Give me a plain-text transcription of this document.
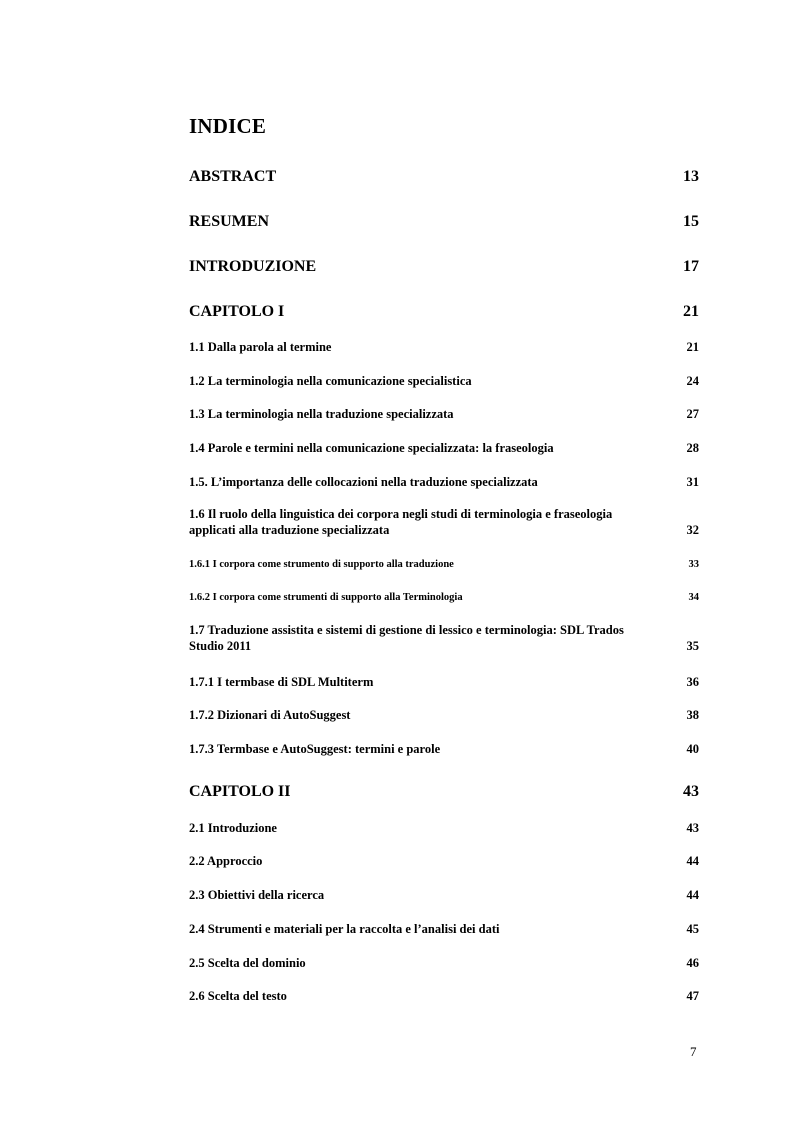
INDICE
ABSTRACT	13
RESUMEN	15
INTRODUZIONE	17
CAPITOLO I	21
1.1 Dalla parola al termine	21
1.2 La terminologia nella comunicazione specialistica	24
1.3 La terminologia nella traduzione specializzata	27
1.4 Parole e termini nella comunicazione specializzata: la fraseologia	28
1.5. L’importanza delle collocazioni nella traduzione specializzata	31
1.6 Il ruolo della linguistica dei corpora negli studi di terminologia e fraseologia applicati alla traduzione specializzata	32
1.6.1 I corpora come strumento di supporto alla traduzione	33
1.6.2 I corpora come strumenti di supporto alla Terminologia	34
1.7 Traduzione assistita e sistemi di gestione di lessico e terminologia: SDL Trados Studio 2011	35
1.7.1 I termbase di SDL Multiterm	36
1.7.2 Dizionari di AutoSuggest	38
1.7.3 Termbase e AutoSuggest: termini e parole	40
CAPITOLO II	43
2.1 Introduzione	43
2.2 Approccio	44
2.3 Obiettivi della ricerca	44
2.4 Strumenti e materiali per la raccolta e l’analisi dei dati	45
2.5 Scelta del dominio	46
2.6 Scelta del testo	47
7
